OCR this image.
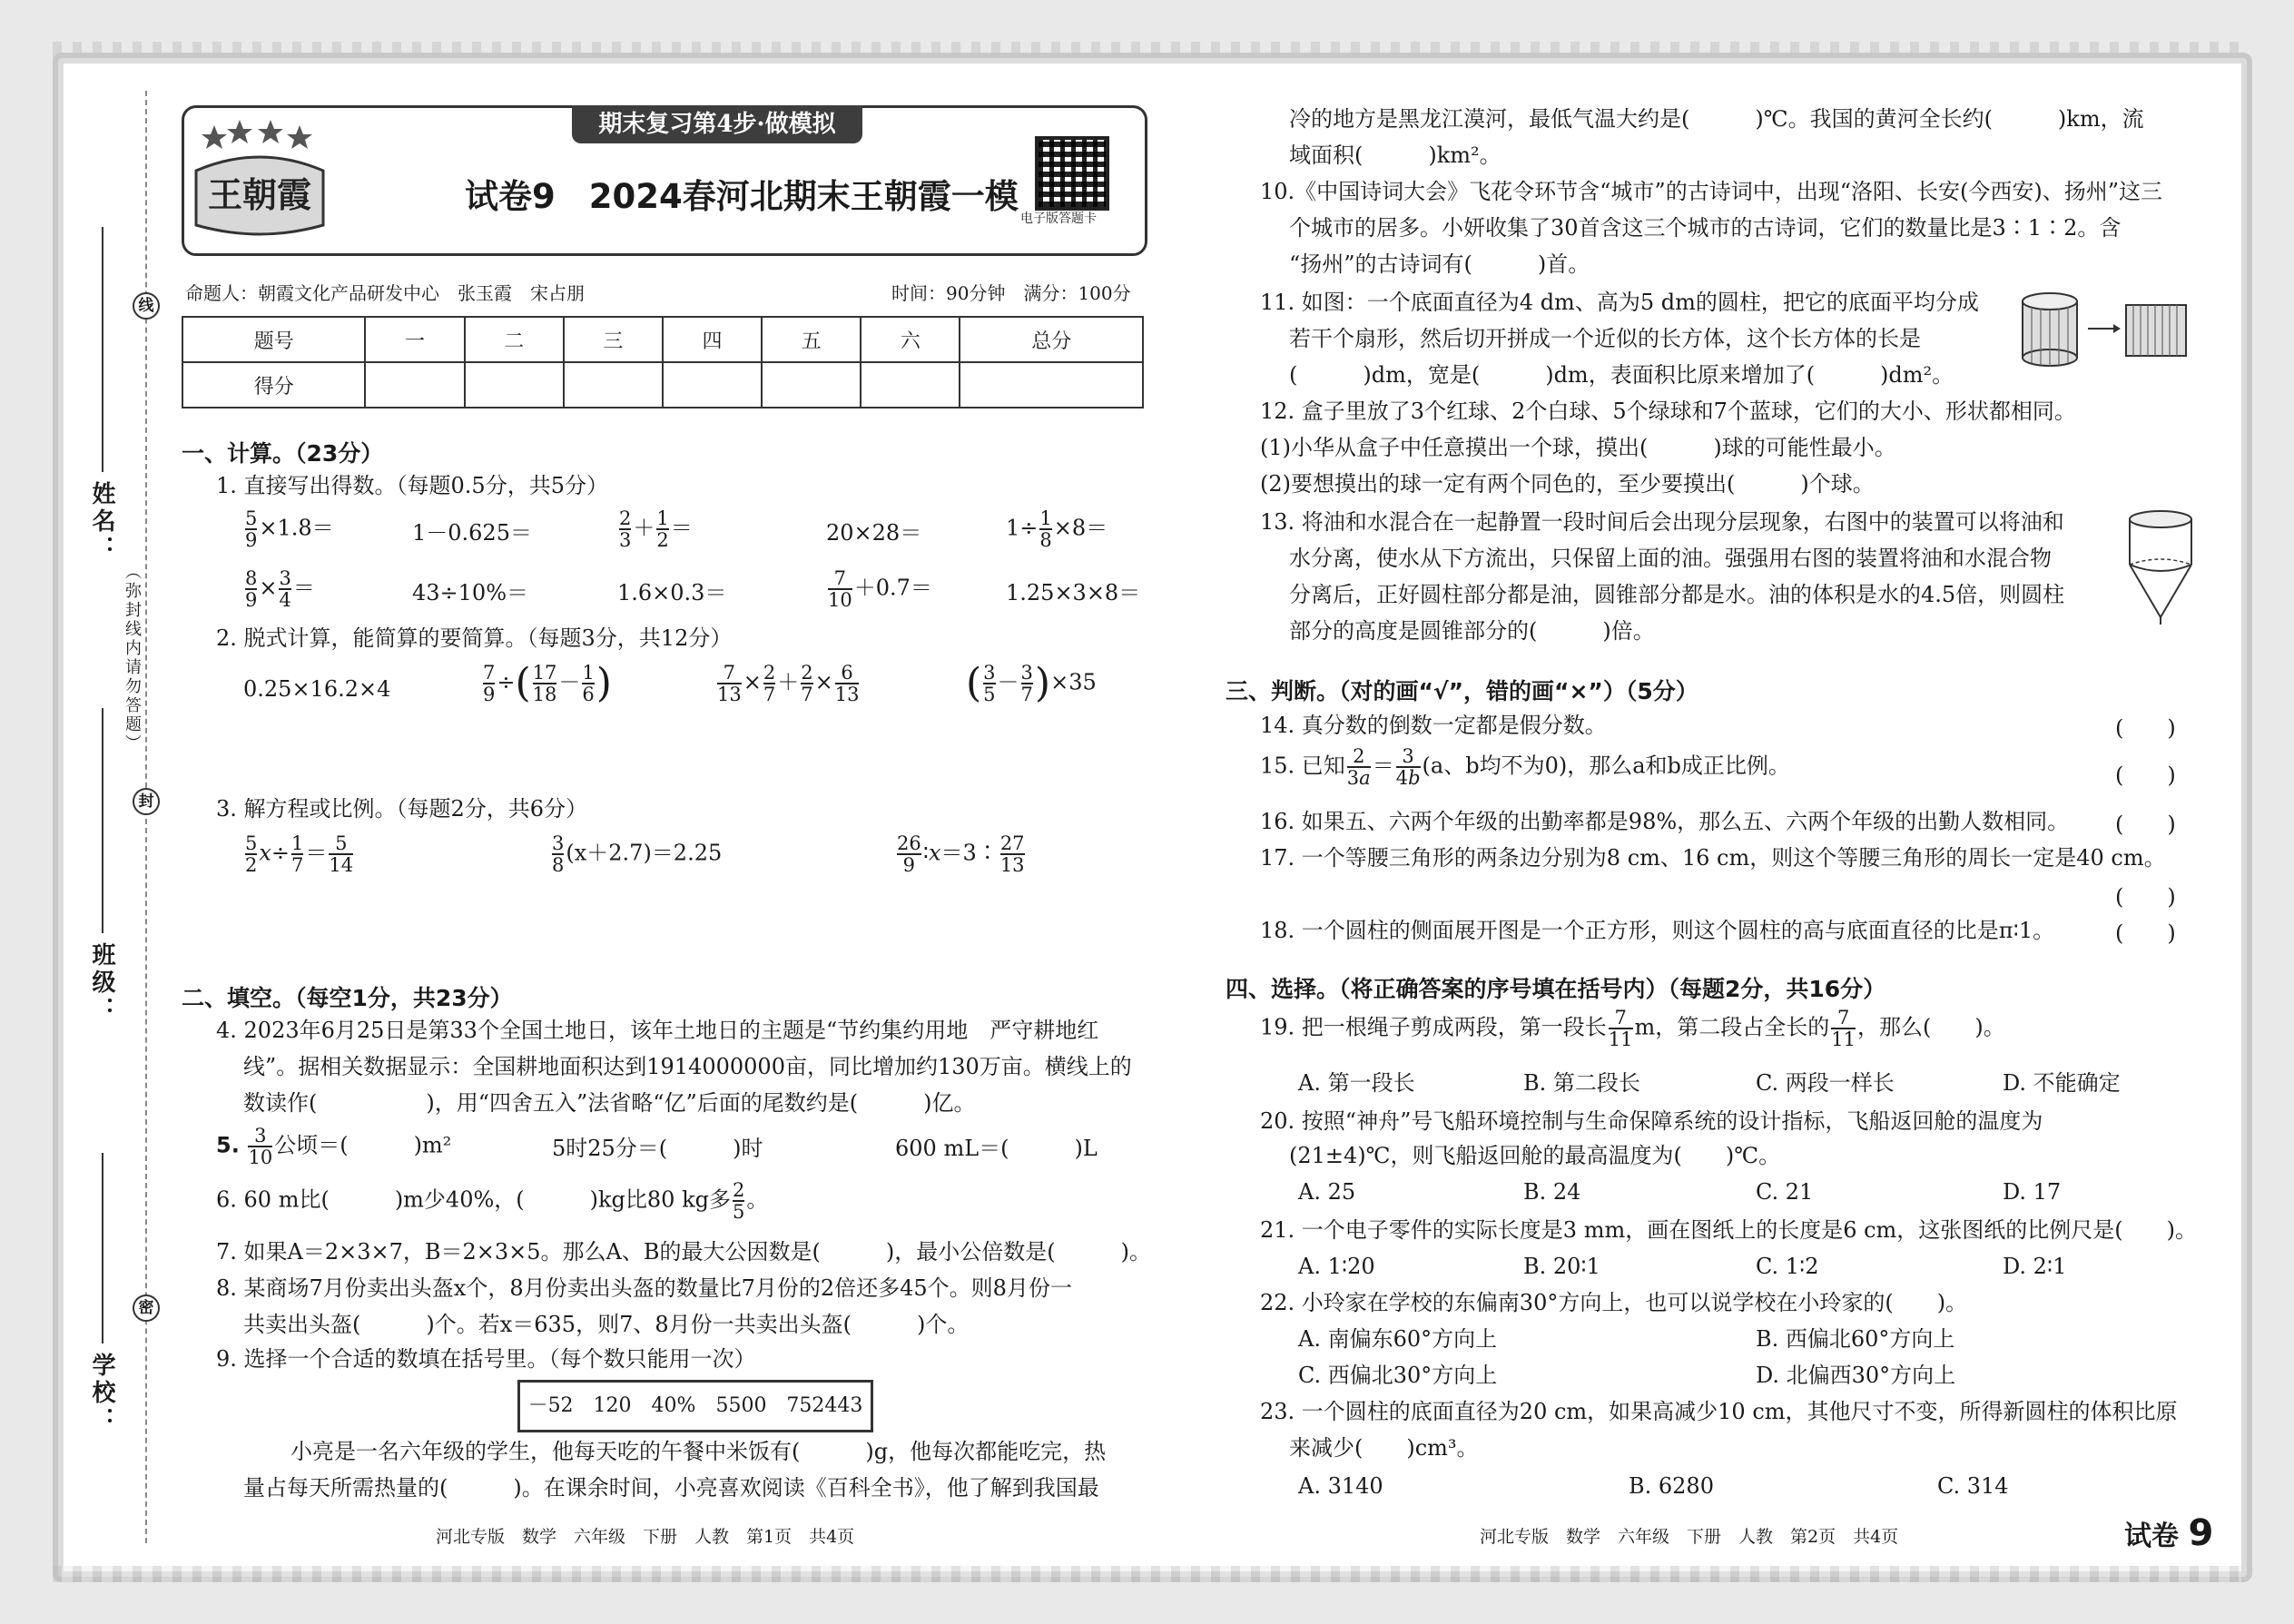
线
封
密
（弥封线内请勿答题）
姓名：
班级：
学校：
期末复习第4步·做模拟
王朝霞	试卷9　2024春河北期末王朝霞一模
电子版答题卡
命题人：朝霞文化产品研发中心　张玉霞　宋占朋	时间：90分钟　满分：100分
题号	一	二	三	四	五	六	总分
得分							
一、计算。（23分）
1. 直接写出得数。（每题0.5分，共5分）
$\frac{5}{9} \times 1.8=$	1－0.625＝	$\frac{2}{3} + \frac{1}{2}$ ＝	20×28＝	$1\div \frac{1}{8} \times 8=$
$\frac{8}{9} \times \frac{3}{4}$ ＝	43÷10%＝	1.6×0.3＝	$\frac{7}{10} +0.7=$	1.25×3×8＝
2. 脱式计算，能简算的要简算。（每题3分，共12分）
0.25×16.2×4	$\frac{7}{9}$ ÷( $\frac{17}{18} - \frac{1}{6}$ )	$\frac{7}{13} \times \frac{2}{7} + \frac{2}{7} \times \frac{6}{13}$	( $\frac{3}{5} - \frac{3}{7} )\times 35$
3. 解方程或比例。（每题2分，共6分）
$\frac{5}{2} x\div \frac{1}{7} = \frac{5}{14}$	$\frac{3}{8} (x+2.7)=2.25$	$\frac{26}{9}$ ∶x＝3∶ $\frac{27}{13}$
二、填空。（每空1分，共23分）
4. 2023年6月25日是第33个全国土地日，该年土地日的主题是“节约集约用地　严守耕地红
线”。据相关数据显示：全国耕地面积达到1914000000亩，同比增加约130万亩。横线上的
数读作(　　　　　)，用“四舍五入”法省略“亿”后面的尾数约是(　　　)亿。
5. $\frac{3}{10}$ 公顷＝(　　　)m²	5时25分＝(　　　)时	600 mL＝(　　　)L
6. 60 m比(　　　)m少40%，(　　　)kg比80 kg多 $\frac{2}{5}$ 。
7. 如果A＝2×3×7，B＝2×3×5。那么A、B的最大公因数是(　　　)，最小公倍数是(　　　)。
8. 某商场7月份卖出头盔x个，8月份卖出头盔的数量比7月份的2倍还多45个。则8月份一
共卖出头盔(　　　)个。若x＝635，则7、8月份一共卖出头盔(　　　)个。
9. 选择一个合适的数填在括号里。（每个数只能用一次）
－52　120　40%　5500　752443
小亮是一名六年级的学生，他每天吃的午餐中米饭有(　　　)g，他每次都能吃完，热
量占每天所需热量的(　　　)。在课余时间，小亮喜欢阅读《百科全书》，他了解到我国最
河北专版　数学　六年级　下册　人教　第1页　共4页
冷的地方是黑龙江漠河，最低气温大约是(　　　)℃。我国的黄河全长约(　　　)km，流
域面积(　　　)km²。
10.《中国诗词大会》飞花令环节含“城市”的古诗词中，出现“洛阳、长安(今西安)、扬州”这三
个城市的居多。小妍收集了30首含这三个城市的古诗词，它们的数量比是3∶1∶2。含
“扬州”的古诗词有(　　　)首。
11. 如图：一个底面直径为4 dm、高为5 dm的圆柱，把它的底面平均分成
若干个扇形，然后切开拼成一个近似的长方体，这个长方体的长是
(　　　)dm，宽是(　　　)dm，表面积比原来增加了(　　　)dm²。
12. 盒子里放了3个红球、2个白球、5个绿球和7个蓝球，它们的大小、形状都相同。
(1)小华从盒子中任意摸出一个球，摸出(　　　)球的可能性最小。
(2)要想摸出的球一定有两个同色的，至少要摸出(　　　)个球。
13. 将油和水混合在一起静置一段时间后会出现分层现象，右图中的装置可以将油和
水分离，使水从下方流出，只保留上面的油。强强用右图的装置将油和水混合物
分离后，正好圆柱部分都是油，圆锥部分都是水。油的体积是水的4.5倍，则圆柱
部分的高度是圆锥部分的(　　　)倍。
三、判断。（对的画“√”，错的画“×”）（5分）
14. 真分数的倒数一定都是假分数。	(　　)
15. 已知 $\frac{2}{3a} = \frac{3}{4b} (a$、b均不为0)，那么a和b成正比例。	(　　)
16. 如果五、六两个年级的出勤率都是98%，那么五、六两个年级的出勤人数相同。 (　　)
17. 一个等腰三角形的两条边分别为8 cm、16 cm，则这个等腰三角形的周长一定是40 cm。
(　　)
18. 一个圆柱的侧面展开图是一个正方形，则这个圆柱的高与底面直径的比是π∶1。	(　　)
四、选择。（将正确答案的序号填在括号内）（每题2分，共16分）
19. 把一根绳子剪成两段，第一段长 $\frac{7}{11}$ m，第二段占全长的 $\frac{7}{11}$ ，那么(　　)。
A. 第一段长	B. 第二段长	C. 两段一样长	D. 不能确定
20. 按照“神舟”号飞船环境控制与生命保障系统的设计指标，飞船返回舱的温度为
(21±4)℃，则飞船返回舱的最高温度为(　　)℃。
A. 25	B. 24	C. 21	D. 17
21. 一个电子零件的实际长度是3 mm，画在图纸上的长度是6 cm，这张图纸的比例尺是(　　)。
A. 1∶20	B. 20∶1	C. 1∶2	D. 2∶1
22. 小玲家在学校的东偏南30°方向上，也可以说学校在小玲家的(　　)。
A. 南偏东60°方向上	B. 西偏北60°方向上
C. 西偏北30°方向上	D. 北偏西30°方向上
23. 一个圆柱的底面直径为20 cm，如果高减少10 cm，其他尺寸不变，所得新圆柱的体积比原
来减少(　　)cm³。
A. 3140	B. 6280	C. 314
河北专版　数学　六年级　下册　人教　第2页　共4页	试卷 9
